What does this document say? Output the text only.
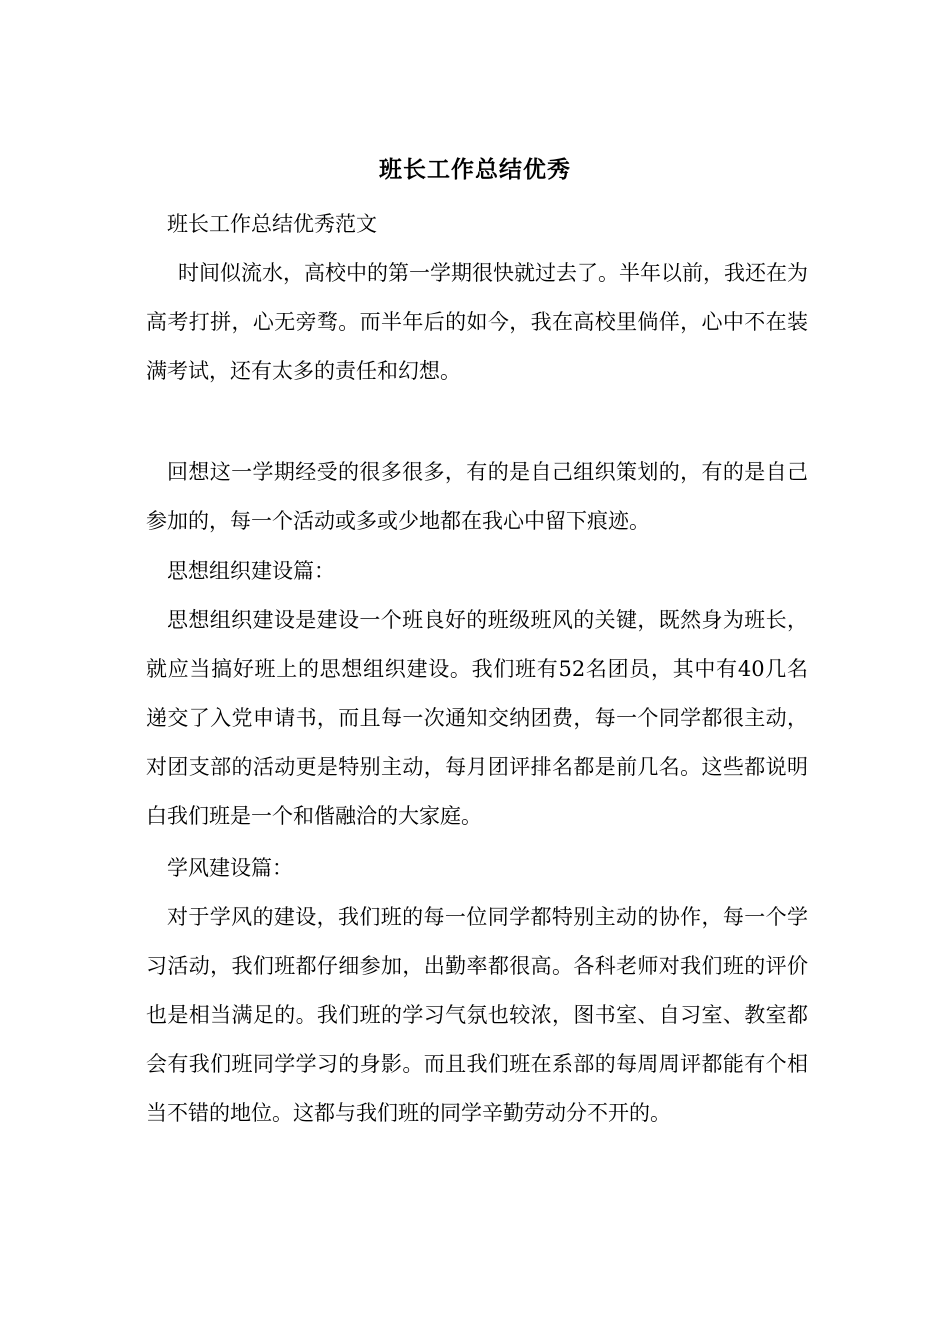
班长工作总结优秀

班长工作总结优秀范文

时间似流水，高校中的第一学期很快就过去了。半年以前，我还在为高考打拼，心无旁骛。而半年后的如今，我在高校里倘佯，心中不在装满考试，还有太多的责任和幻想。

回想这一学期经受的很多很多，有的是自己组织策划的，有的是自己参加的，每一个活动或多或少地都在我心中留下痕迹。

思想组织建设篇：

思想组织建设是建设一个班良好的班级班风的关键，既然身为班长，就应当搞好班上的思想组织建设。我们班有52名团员，其中有40几名递交了入党申请书，而且每一次通知交纳团费，每一个同学都很主动，对团支部的活动更是特别主动，每月团评排名都是前几名。这些都说明白我们班是一个和偕融洽的大家庭。

学风建设篇：

对于学风的建设，我们班的每一位同学都特别主动的协作，每一个学习活动，我们班都仔细参加，出勤率都很高。各科老师对我们班的评价也是相当满足的。我们班的学习气氛也较浓，图书室、自习室、教室都会有我们班同学学习的身影。而且我们班在系部的每周周评都能有个相当不错的地位。这都与我们班的同学辛勤劳动分不开的。
